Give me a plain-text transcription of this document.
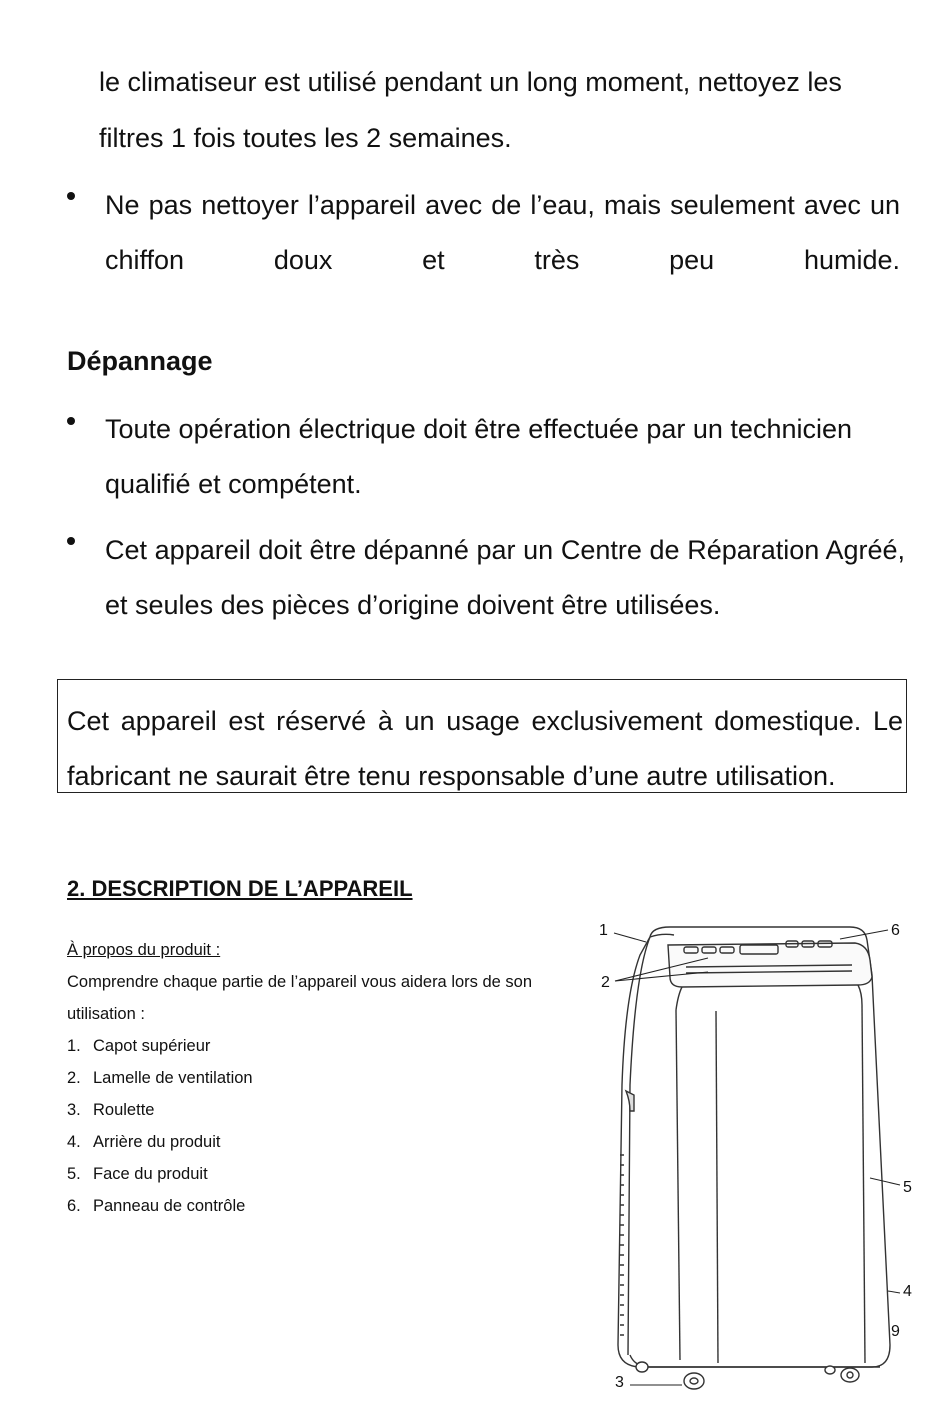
le climatiseur est utilisé pendant un long moment, nettoyez les
filtres 1 fois toutes les 2 semaines.
Ne pas nettoyer l’appareil avec de l’eau, mais seulement avec un chiffon doux et très peu humide.
Dépannage
Toute opération électrique doit être effectuée par un technicien qualifié et compétent.
Cet appareil doit être dépanné par un Centre de Réparation Agréé, et seules des pièces d’origine doivent être utilisées.
Cet appareil est réservé à un usage exclusivement domestique. Le fabricant ne saurait être tenu responsable d’une autre utilisation.
2. DESCRIPTION DE L’APPAREIL
À propos du produit :
Comprendre chaque partie de l’appareil vous aidera lors de son
utilisation :
1. Capot supérieur
2. Lamelle de ventilation
3. Roulette
4. Arrière du produit
5. Face du produit
6. Panneau de contrôle
1
2
6
5
4
9
3
